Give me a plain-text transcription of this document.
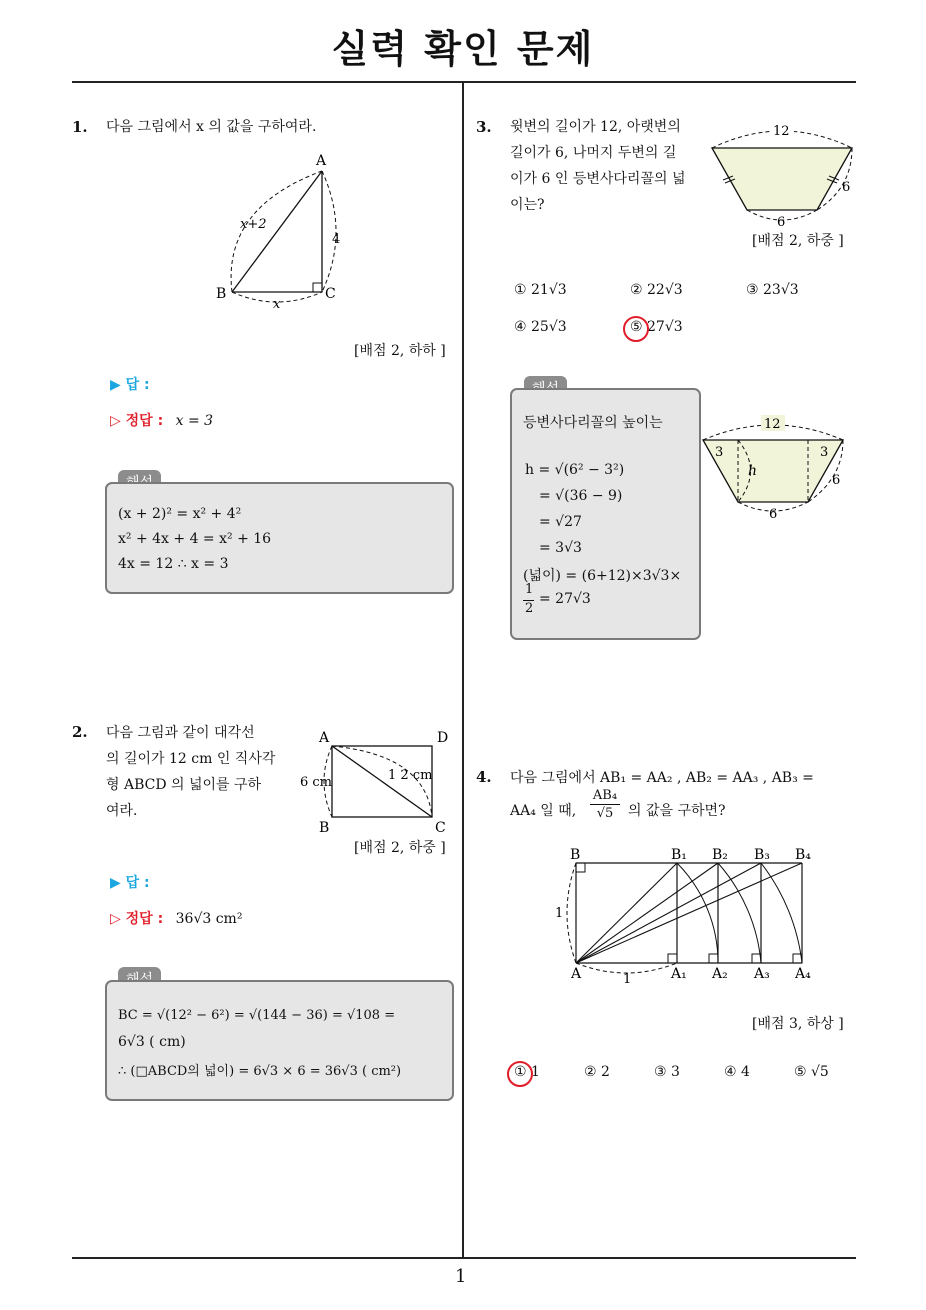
실력 확인 문제
1
1. 다음 그림에서 x 의 값을 구하여라.
A
B	C
x+2
4
x
[배점 2, 하하 ]
▶ 답 :
▷ 정답 : x = 3
(x + 2)² = x² + 4²
x² + 4x + 4 = x² + 16
4x = 12 ∴ x = 3
2. 다음 그림과 같이 대각선
의 길이가 12 cm 인 직사각
형 ABCD 의 넓이를 구하
여라.
A	D
B	C
1 2 cm
6 cm
[배점 2, 하중 ]
▶ 답 :
▷ 정답 : 36√3 cm²
BC = √(12² − 6²) = √(144 − 36) = √108 =
6√3 ( cm)
∴ (□ABCD의 넓이) = 6√3 × 6 = 36√3 ( cm²)
3. 윗변의 길이가 12, 아랫변의
길이가 6, 나머지 두변의 길
이가 6 인 등변사다리꼴의 넓
이는?
12
6
6
[배점 2, 하중 ]
① 21√3	② 22√3	③ 23√3
④ 25√3	⑤ 27√3
등변사다리꼴의 높이는
h = √(6² − 3²)
= √(36 − 9)
= √27
= 3√3
(넓이) = (6+12)×3√3×
1
2
= 27√3
12
3	3
h
6
6
4. 다음 그림에서 AB₁ = AA₂ , AB₂ = AA₃ , AB₃ =
AA₄ 일 때,
AB₄
√5	의 값을 구하면?
B	B₁ B₂ B₃ B₄
A	A₁ A₂ A₃ A₄
1
1
[배점 3, 하상 ]
① 1	② 2	③ 3	④ 4	⑤ √5
